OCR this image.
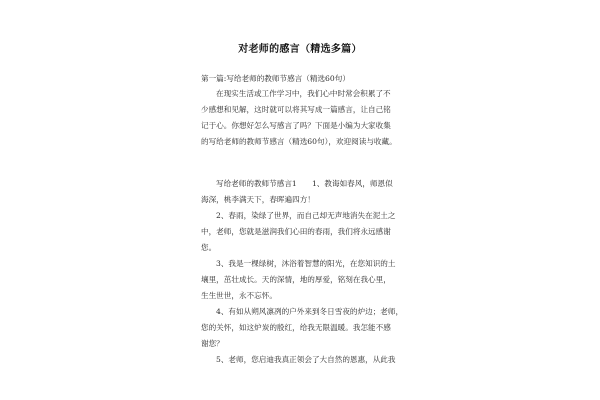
对老师的感言（精选多篇）
第一篇:写给老师的教师节感言（精选60句）
在现实生活或工作学习中，我们心中时常会积累了不
少感想和见解，这时就可以将其写成一篇感言，让自己铭
记于心。你想好怎么写感言了吗？下面是小编为大家收集
的写给老师的教师节感言（精选60句），欢迎阅读与收藏。
写给老师的教师节感言1　　1、教诲如春风，师恩似
海深，桃李满天下，春晖遍四方！
2、春雨，染绿了世界，而自己却无声地消失在泥土之
中，老师，您就是滋润我们心田的春雨，我们将永远感谢
您。
3、我是一棵绿树，沐浴着智慧的阳光，在您知识的土
壤里，茁壮成长。天的深情，地的厚爱，铭刻在我心里，
生生世世，永不忘怀。
4、有如从朔风凛冽的户外来到冬日雪夜的炉边；老师，
您的关怀，如这炉炭的殷红，给我无限温暖。我怎能不感
谢您？
5、老师，您启迪我真正领会了大自然的恩惠，从此我
